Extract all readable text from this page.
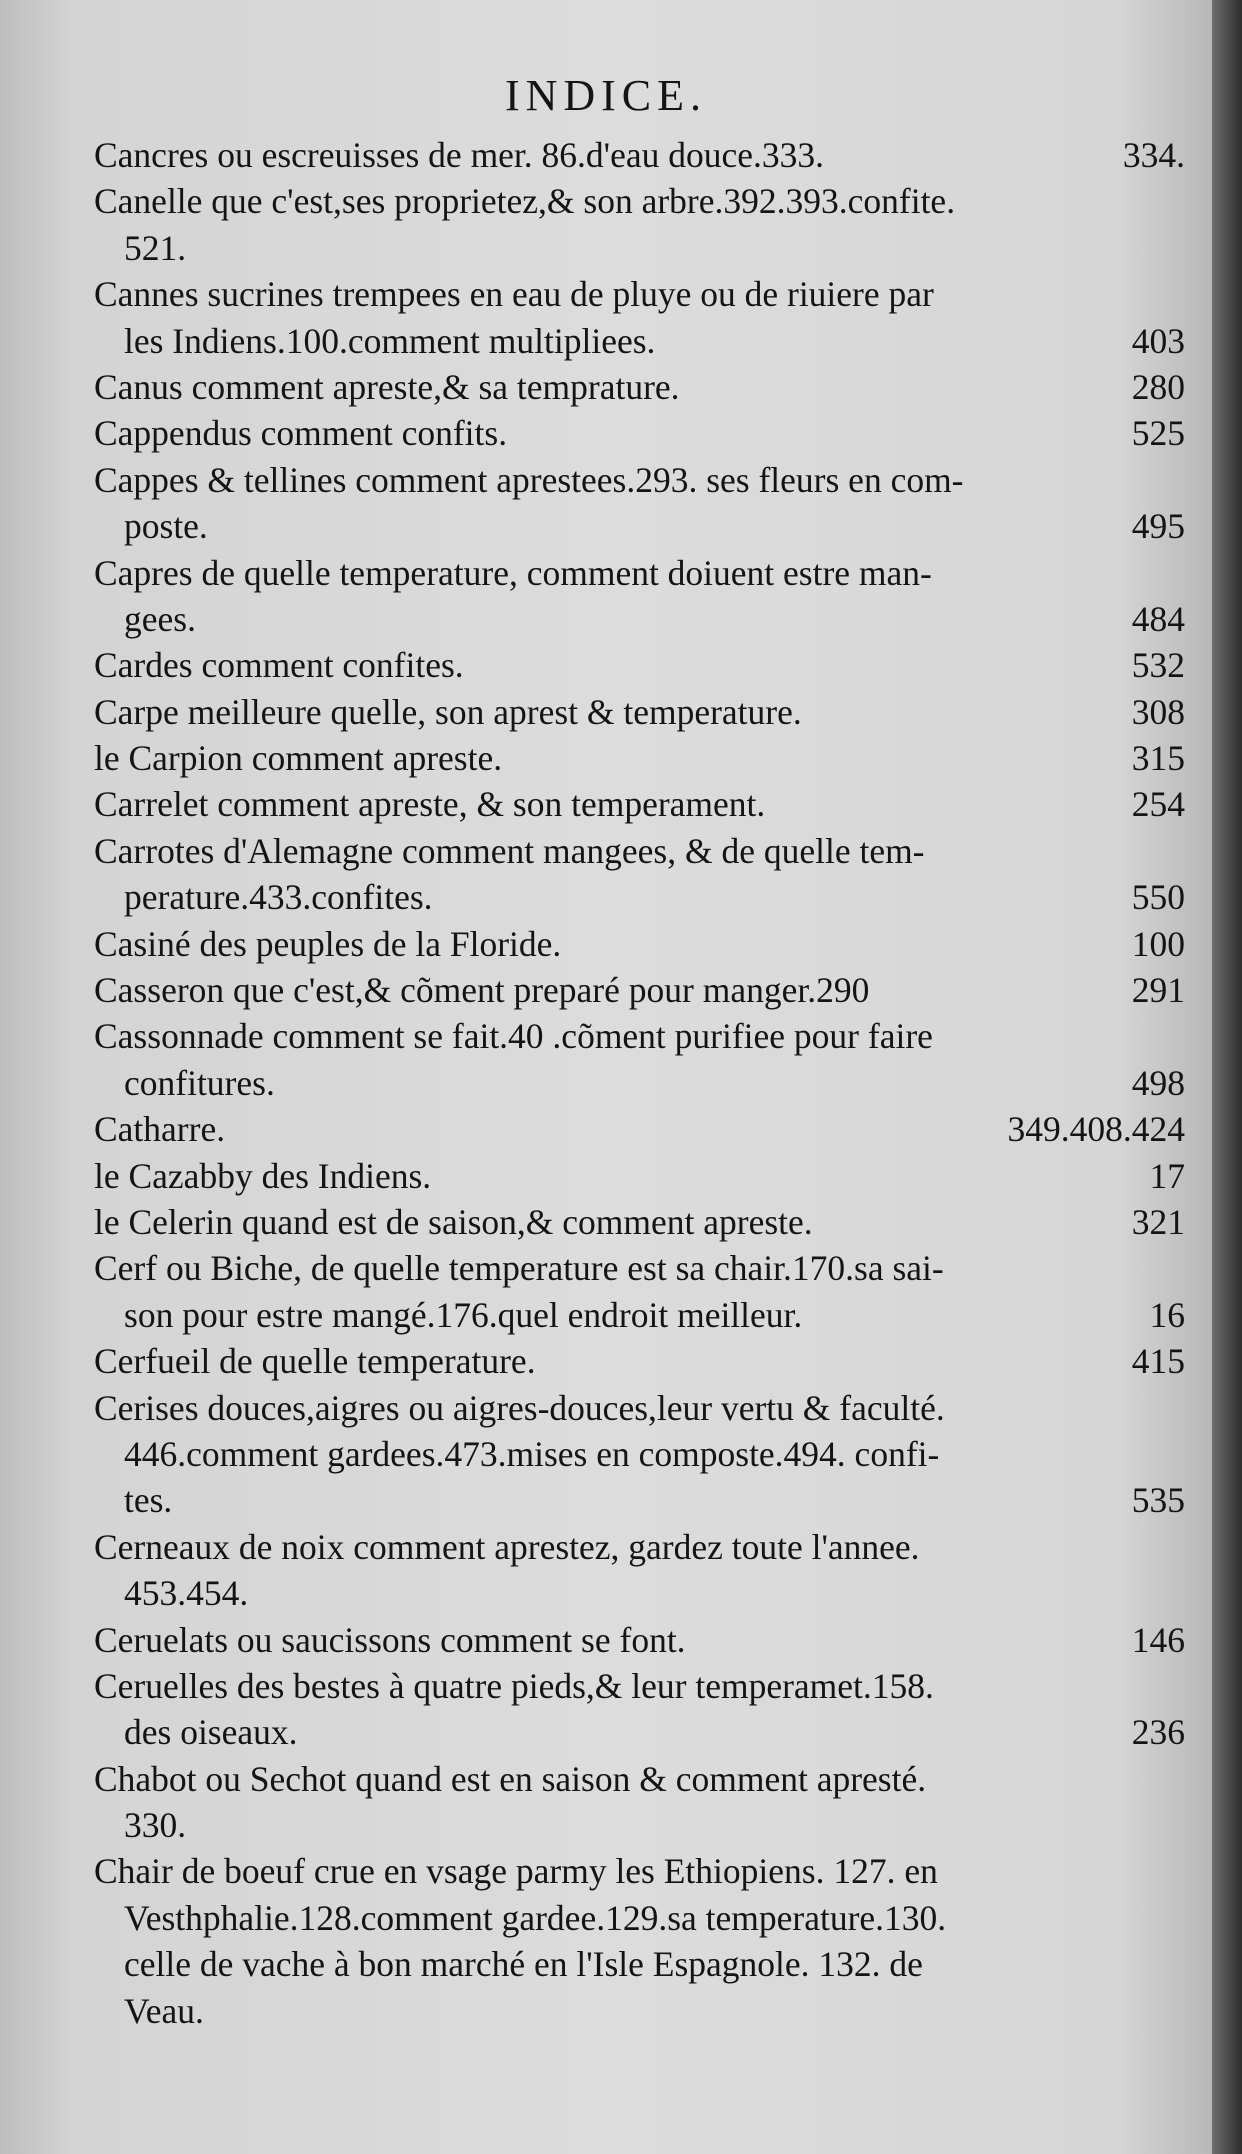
INDICE.
Cancres ou escreuisses de mer. 86.d'eau douce.333.	334.
Canelle que c'est,ses proprietez,& son arbre.392.393.confite.
521.
Cannes sucrines trempees en eau de pluye ou de riuiere par
les Indiens.100.comment multipliees.	403
Canus comment apreste,& sa temprature.	280
Cappendus comment confits.	525
Cappes & tellines comment aprestees.293. ses fleurs en com-
poste.	495
Capres de quelle temperature, comment doiuent estre man-
gees.	484
Cardes comment confites.	532
Carpe meilleure quelle, son aprest & temperature.	308
le Carpion comment apreste.	315
Carrelet comment apreste, & son temperament.	254
Carrotes d'Alemagne comment mangees, & de quelle tem-
perature.433.confites.	550
Casiné des peuples de la Floride.	100
Casseron que c'est,& cõment preparé pour manger.290	291
Cassonnade comment se fait.40 .cõment purifiee pour faire
confitures.	498
Catharre.	349.408.424
le Cazabby des Indiens.	17
le Celerin quand est de saison,& comment apreste.	321
Cerf ou Biche, de quelle temperature est sa chair.170.sa sai-
son pour estre mangé.176.quel endroit meilleur.	16
Cerfueil de quelle temperature.	415
Cerises douces,aigres ou aigres-douces,leur vertu & faculté.
446.comment gardees.473.mises en composte.494. confi-
tes.	535
Cerneaux de noix comment aprestez, gardez toute l'annee.
453.454.
Ceruelats ou saucissons comment se font.	146
Ceruelles des bestes à quatre pieds,& leur temperamet.158.
des oiseaux.	236
Chabot ou Sechot quand est en saison & comment apresté.
330.
Chair de boeuf crue en vsage parmy les Ethiopiens. 127. en
Vesthphalie.128.comment gardee.129.sa temperature.130.
celle de vache à bon marché en l'Isle Espagnole. 132. de
Veau.
